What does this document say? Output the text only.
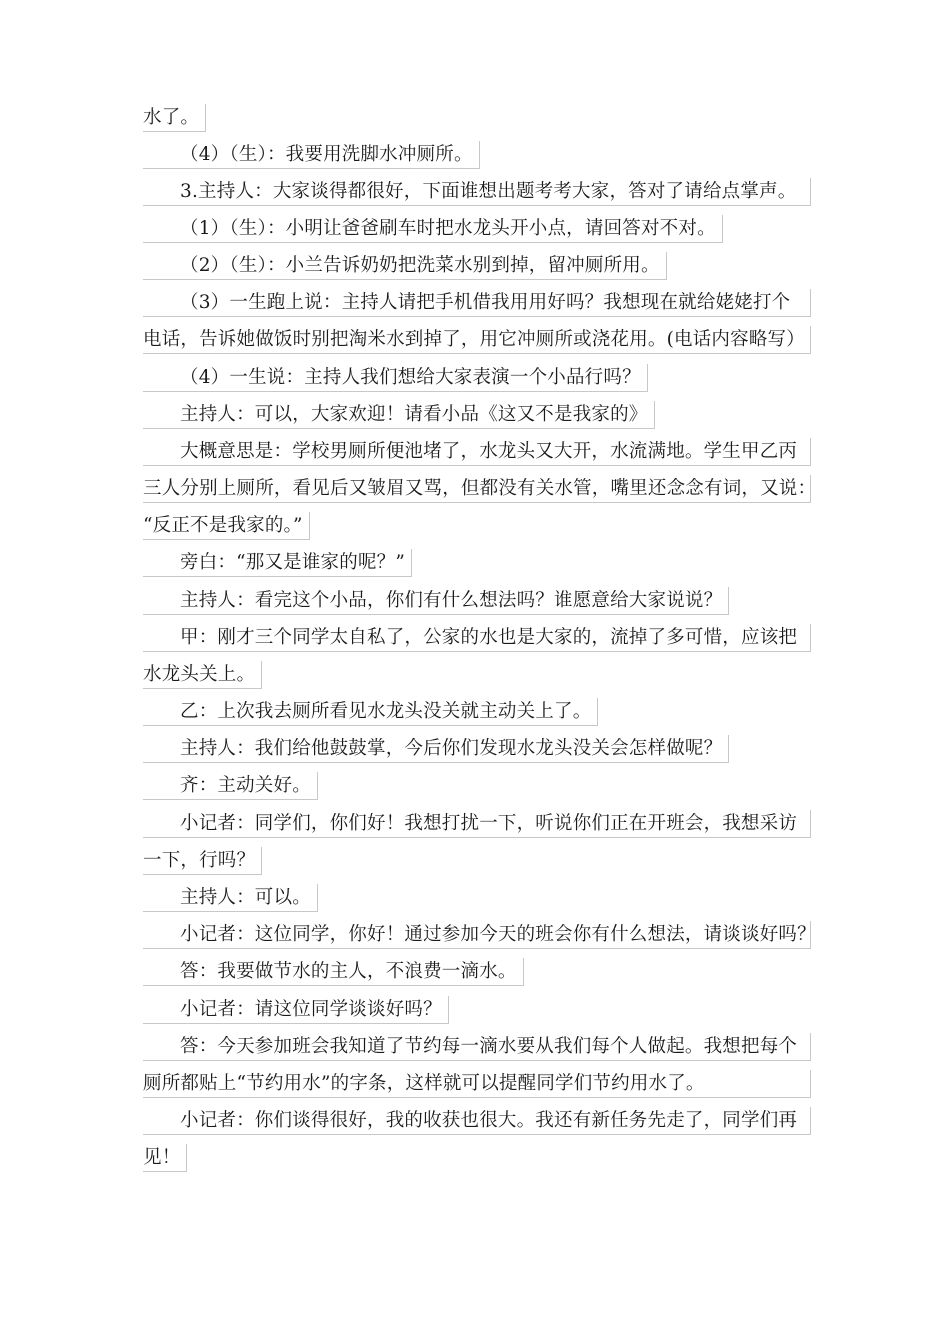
水了。
（4）（生）：我要用洗脚水冲厕所。
3.主持人：大家谈得都很好，下面谁想出题考考大家，答对了请给点掌声。
（1）（生）：小明让爸爸刷车时把水龙头开小点，请回答对不对。
（2）（生）：小兰告诉奶奶把洗菜水别到掉，留冲厕所用。
（3）一生跑上说：主持人请把手机借我用用好吗？我想现在就给姥姥打个
电话，告诉她做饭时别把淘米水到掉了，用它冲厕所或浇花用。(电话内容略写）
（4）一生说：主持人我们想给大家表演一个小品行吗？
主持人：可以，大家欢迎！请看小品《这又不是我家的》
大概意思是：学校男厕所便池堵了，水龙头又大开，水流满地。学生甲乙丙
三人分别上厕所，看见后又皱眉又骂，但都没有关水管，嘴里还念念有词，又说：
“反正不是我家的。”
旁白：“那又是谁家的呢？”
主持人：看完这个小品，你们有什么想法吗？谁愿意给大家说说？
甲：刚才三个同学太自私了，公家的水也是大家的，流掉了多可惜，应该把
水龙头关上。
乙：上次我去厕所看见水龙头没关就主动关上了。
主持人：我们给他鼓鼓掌，今后你们发现水龙头没关会怎样做呢？
齐：主动关好。
小记者：同学们，你们好！我想打扰一下，听说你们正在开班会，我想采访
一下，行吗？
主持人：可以。
小记者：这位同学，你好！通过参加今天的班会你有什么想法，请谈谈好吗？
答：我要做节水的主人，不浪费一滴水。
小记者：请这位同学谈谈好吗？
答：今天参加班会我知道了节约每一滴水要从我们每个人做起。我想把每个
厕所都贴上“节约用水”的字条，这样就可以提醒同学们节约用水了。
小记者：你们谈得很好，我的收获也很大。我还有新任务先走了，同学们再
见！
